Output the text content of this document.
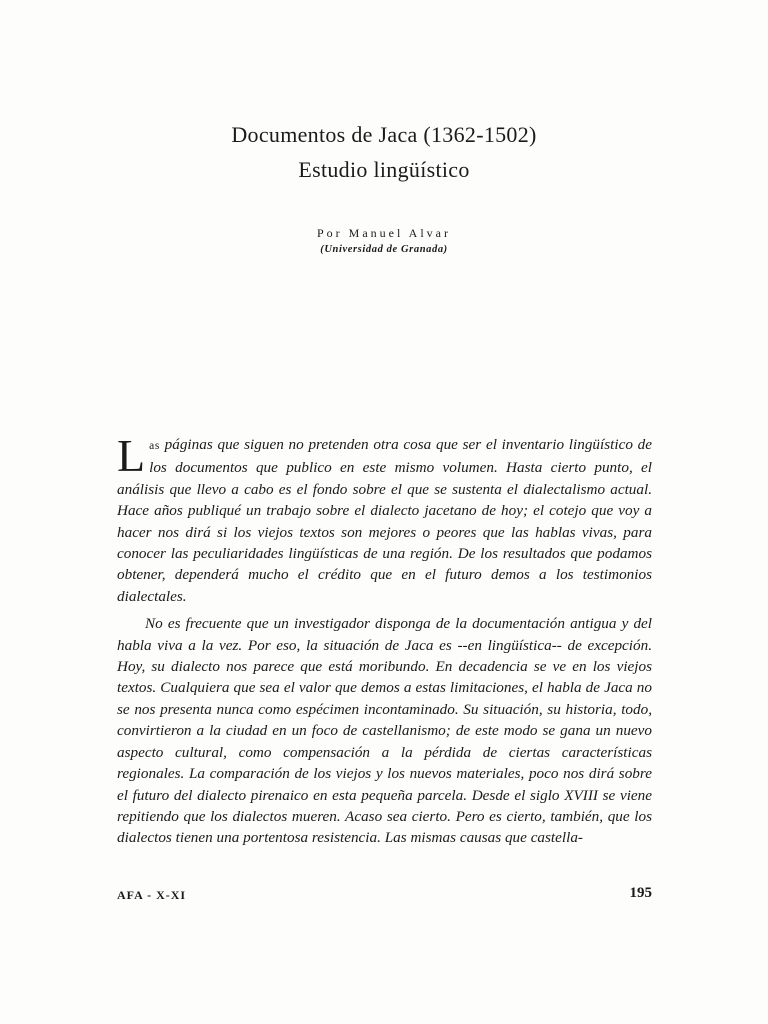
Documentos de Jaca (1362-1502)
Estudio lingüístico
Por Manuel Alvar
(Universidad de Granada)

Las páginas que siguen no pretenden otra cosa que ser el inventario lingüístico de los documentos que publico en este mismo volumen. Hasta cierto punto, el análisis que llevo a cabo es el fondo sobre el que se sustenta el dialectalismo actual. Hace años publiqué un trabajo sobre el dialecto jacetano de hoy; el cotejo que voy a hacer nos dirá si los viejos textos son mejores o peores que las hablas vivas, para conocer las peculiaridades lingüísticas de una región. De los resultados que podamos obtener, dependerá mucho el crédito que en el futuro demos a los testimonios dialectales.

No es frecuente que un investigador disponga de la documentación antigua y del habla viva a la vez. Por eso, la situación de Jaca es --en lingüística-- de excepción. Hoy, su dialecto nos parece que está moribundo. En decadencia se ve en los viejos textos. Cualquiera que sea el valor que demos a estas limitaciones, el habla de Jaca no se nos presenta nunca como espécimen incontaminado. Su situación, su historia, todo, convirtieron a la ciudad en un foco de castellanismo; de este modo se gana un nuevo aspecto cultural, como compensación a la pérdida de ciertas características regionales. La comparación de los viejos y los nuevos materiales, poco nos dirá sobre el futuro del dialecto pirenaico en esta pequeña parcela. Desde el siglo XVIII se viene repitiendo que los dialectos mueren. Acaso sea cierto. Pero es cierto, también, que los dialectos tienen una portentosa resistencia. Las mismas causas que castella-

AFA - X-XI	195
